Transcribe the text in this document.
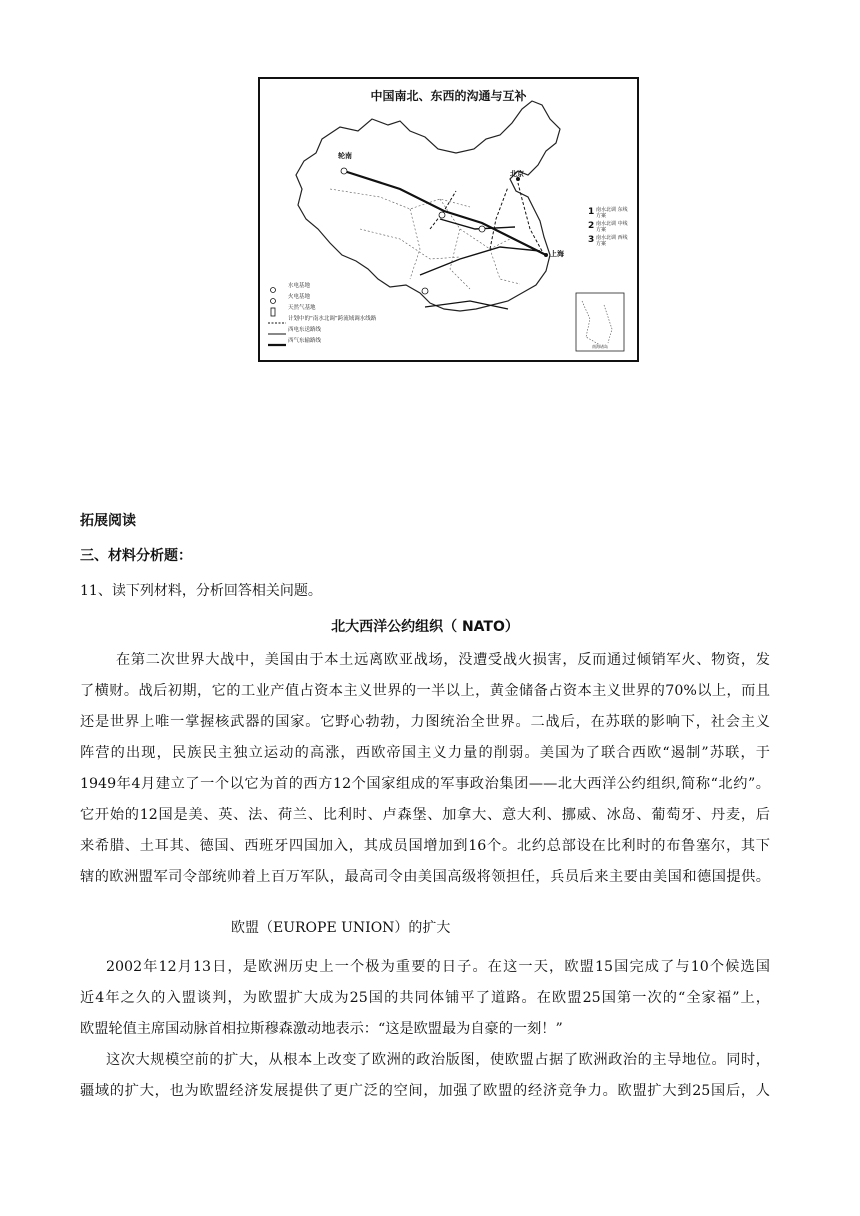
南海诸岛
中国南北、东西的沟通与互补
轮南
北京
上海
1 南水北调 东线方案
2 南水北调 中线方案
3 南水北调 西线方案
水电基地
火电基地
天然气基地
计划中的“南水北调”跨流域调水线路
西电东送路线
西气东输路线
拓展阅读
三、材料分析题：
11、读下列材料，分析回答相关问题。
北大西洋公约组织（ NATO）
在第二次世界大战中，美国由于本土远离欧亚战场，没遭受战火损害，反而通过倾销军火、物资，发
了横财。战后初期，它的工业产值占资本主义世界的一半以上，黄金储备占资本主义世界的70%以上，而且
还是世界上唯一掌握核武器的国家。它野心勃勃，力图统治全世界。二战后，在苏联的影响下，社会主义
阵营的出现，民族民主独立运动的高涨，西欧帝国主义力量的削弱。美国为了联合西欧“遏制”苏联，于
1949年4月建立了一个以它为首的西方12个国家组成的军事政治集团——北大西洋公约组织,简称“北约”。
它开始的12国是美、英、法、荷兰、比利时、卢森堡、加拿大、意大利、挪威、冰岛、葡萄牙、丹麦，后
来希腊、土耳其、德国、西班牙四国加入，其成员国增加到16个。北约总部设在比利时的布鲁塞尔，其下
辖的欧洲盟军司令部统帅着上百万军队，最高司令由美国高级将领担任，兵员后来主要由美国和德国提供。
欧盟（EUROPE UNION）的扩大
2002年12月13日，是欧洲历史上一个极为重要的日子。在这一天，欧盟15国完成了与10个候选国
近4年之久的入盟谈判，为欧盟扩大成为25国的共同体铺平了道路。在欧盟25国第一次的“全家福”上，
欧盟轮值主席国动脉首相拉斯穆森激动地表示：“这是欧盟最为自豪的一刻！”
这次大规模空前的扩大，从根本上改变了欧洲的政治版图，使欧盟占据了欧洲政治的主导地位。同时，
疆域的扩大，也为欧盟经济发展提供了更广泛的空间，加强了欧盟的经济竞争力。欧盟扩大到25国后，人
